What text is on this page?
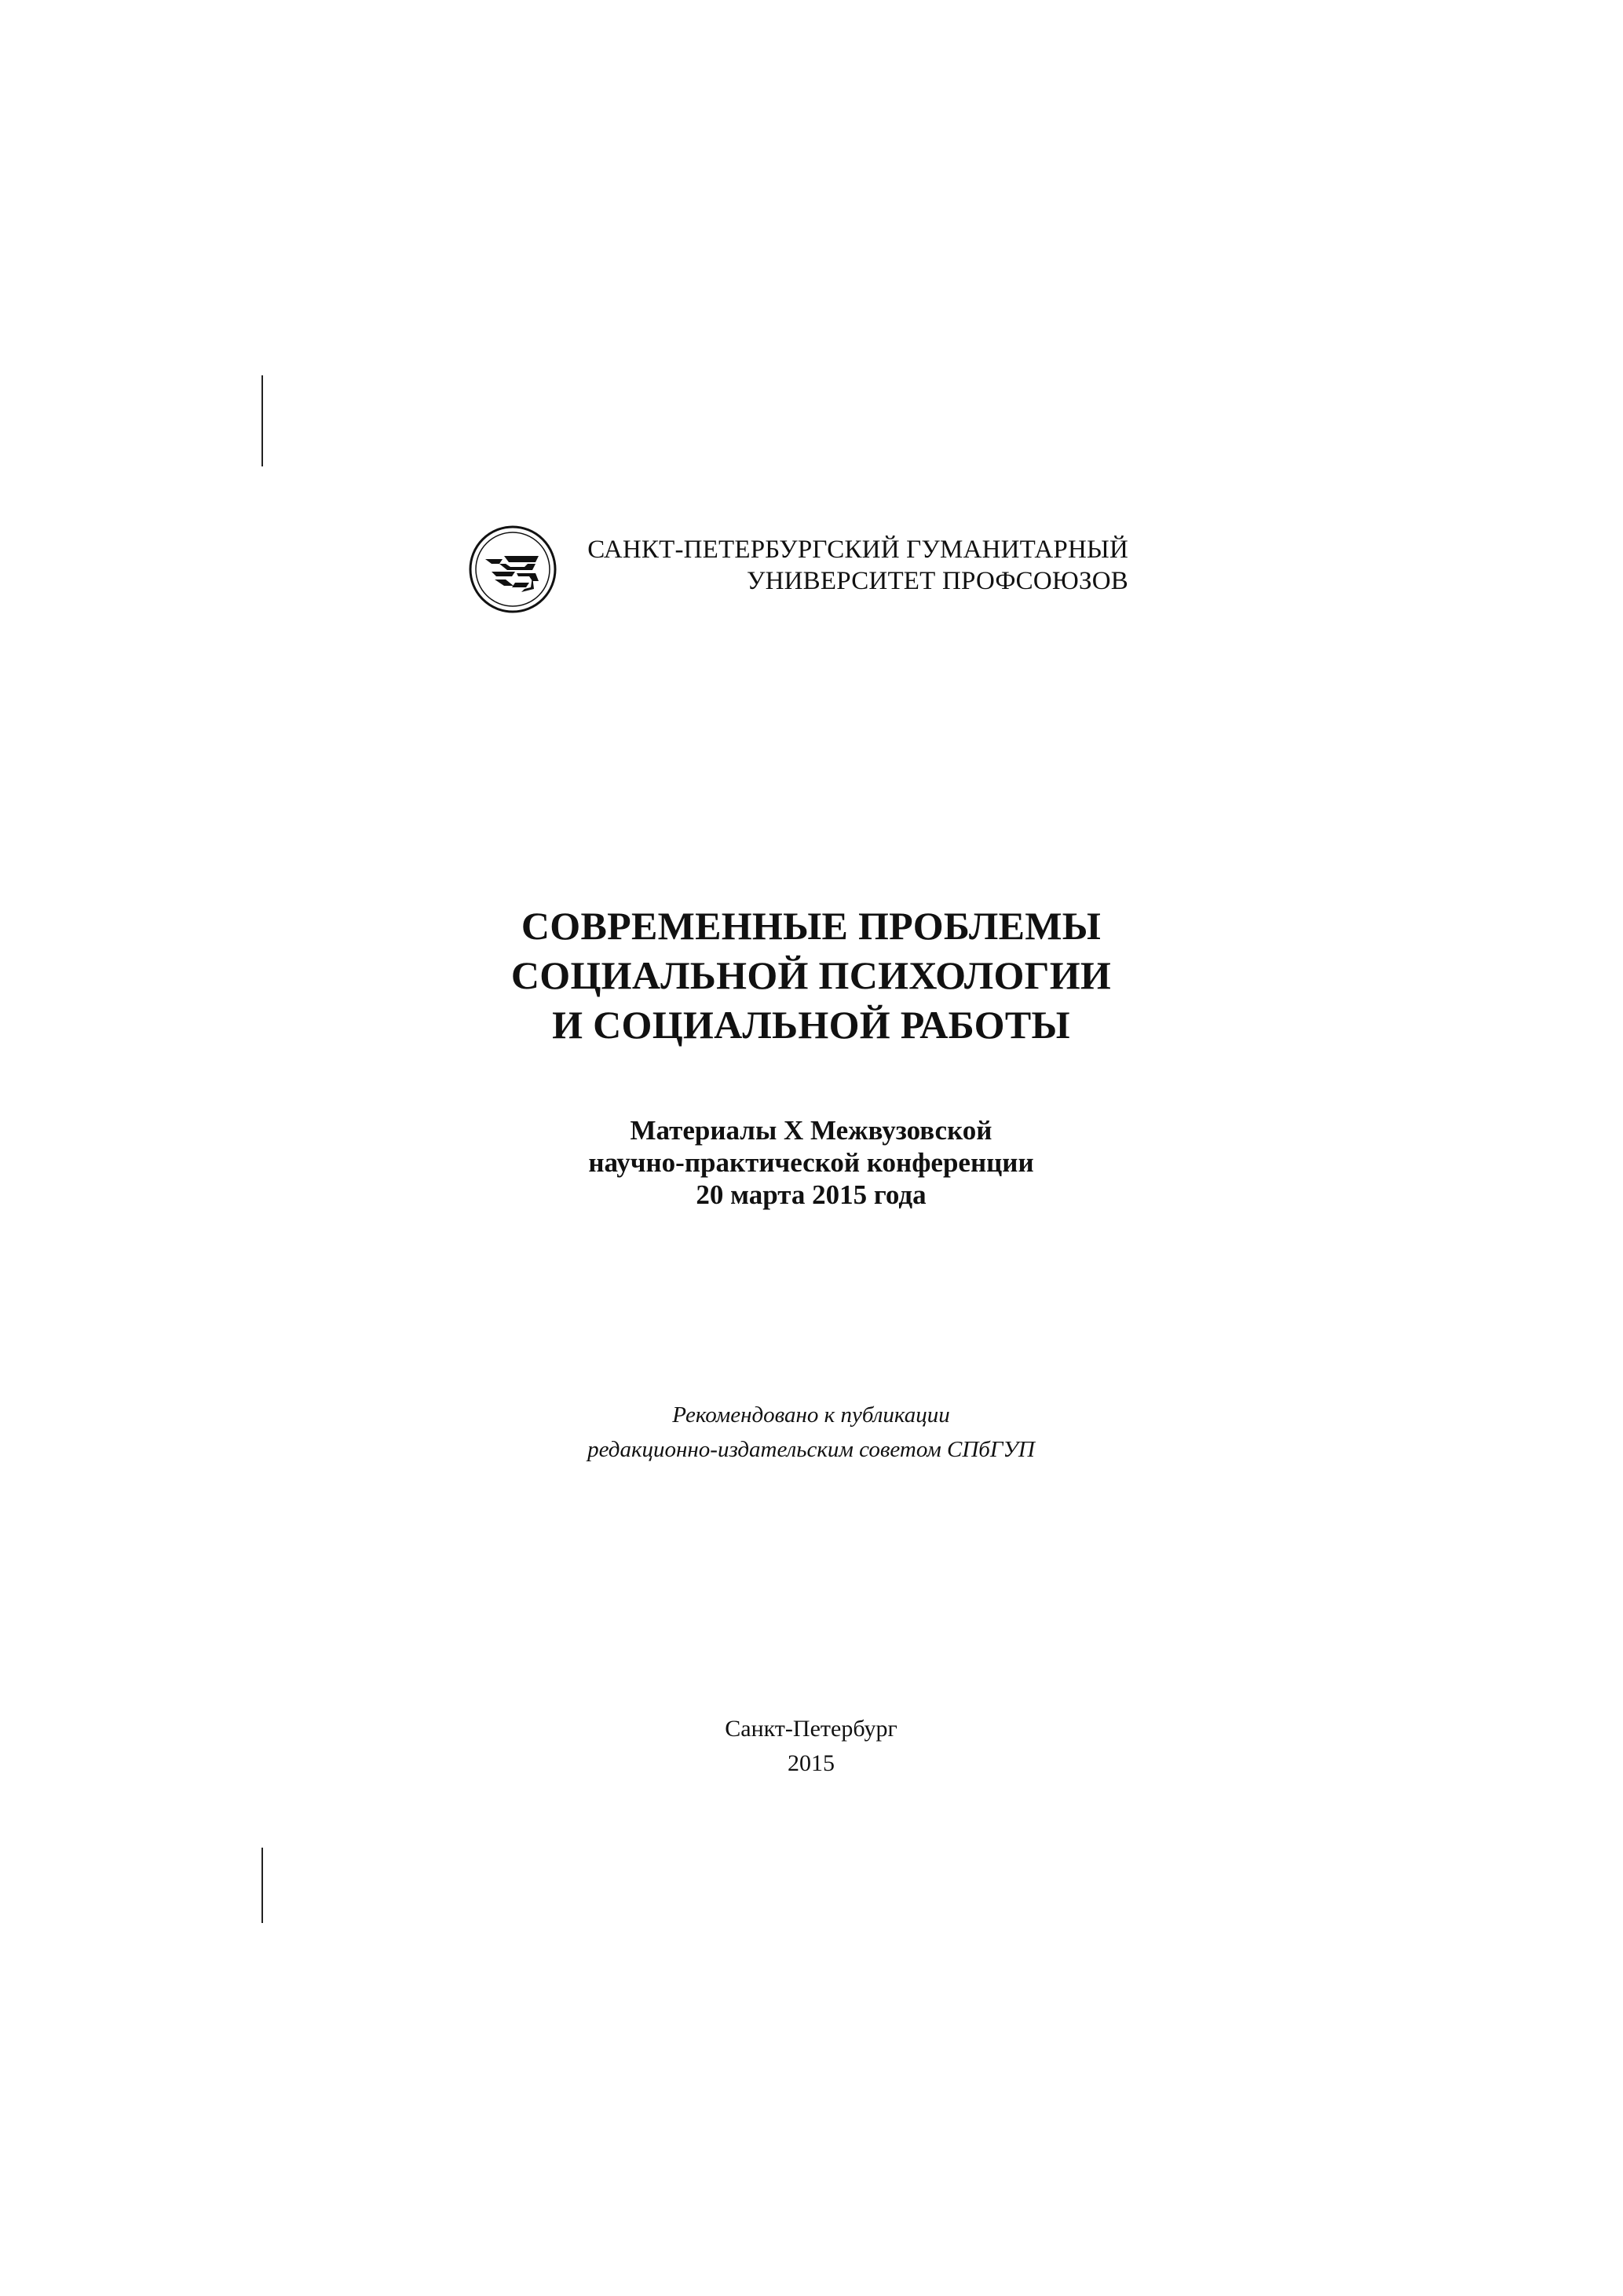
САНКТ-ПЕТЕРБУРГСКИЙ ГУМАНИТАРНЫЙ
УНИВЕРСИТЕТ ПРОФСОЮЗОВ
СОВРЕМЕННЫЕ ПРОБЛЕМЫ
СОЦИАЛЬНОЙ ПСИХОЛОГИИ
И СОЦИАЛЬНОЙ РАБОТЫ
Материалы X Межвузовской
научно-практической конференции
20 марта 2015 года
Рекомендовано к публикации
редакционно-издательским советом СПбГУП
Санкт-Петербург
2015
